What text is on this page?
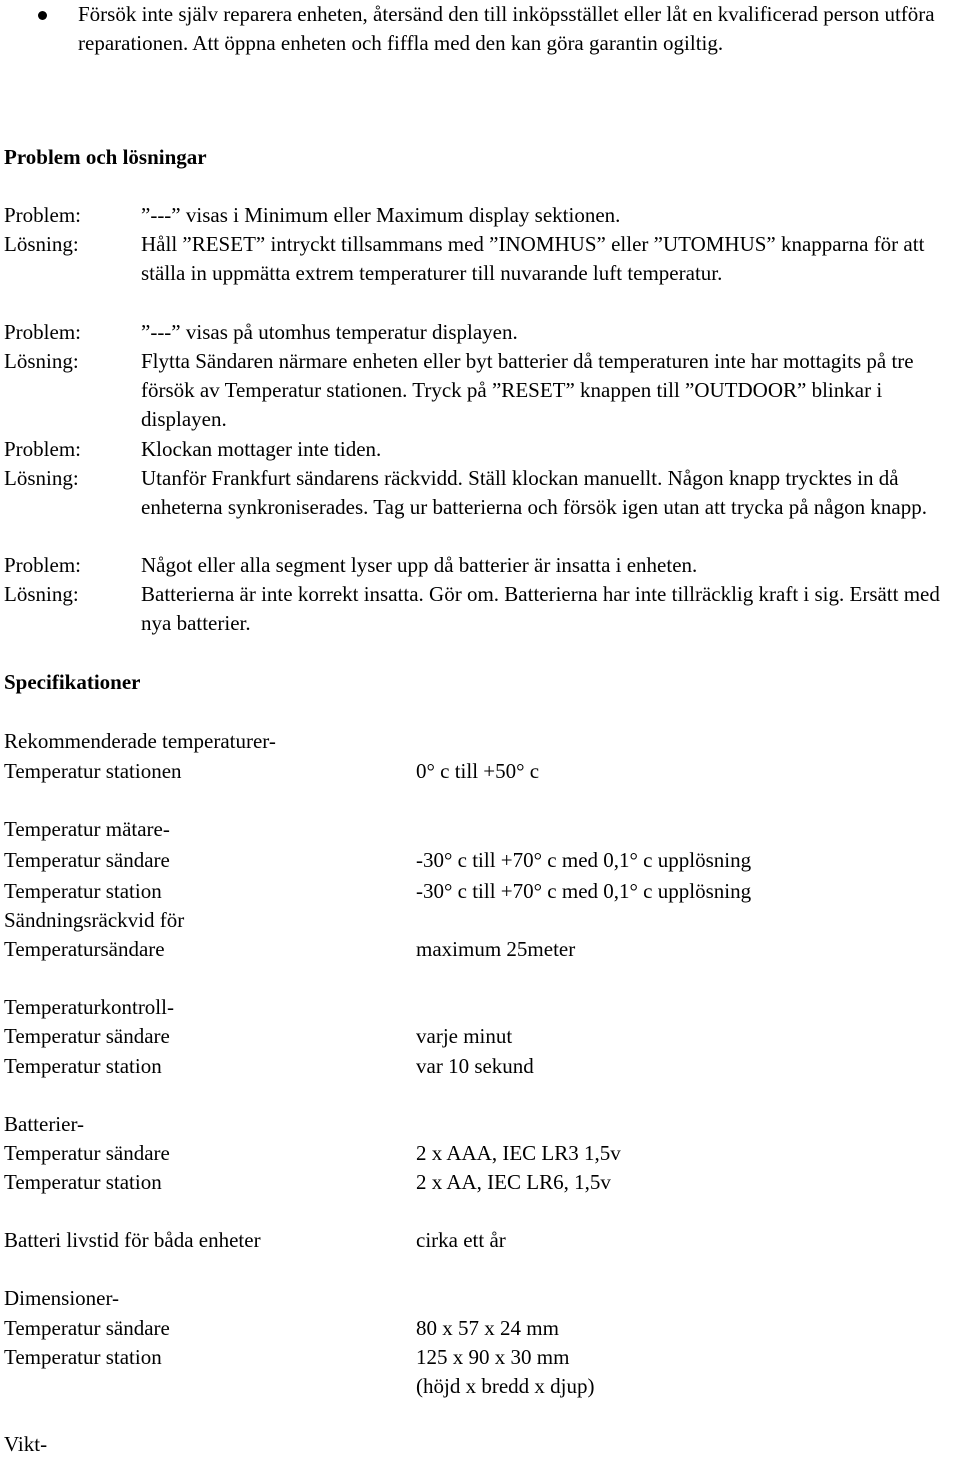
Försök inte själv reparera enheten, återsänd den till inköpsstället eller låt en kvalificerad person utföra reparationen. Att öppna enheten och fiffla med den kan göra garantin ogiltig.
Problem och lösningar
Problem:	”---” visas i Minimum eller Maximum display sektionen.
Lösning:	Håll ”RESET” intryckt tillsammans med ”INOMHUS” eller ”UTOMHUS” knapparna för att ställa in uppmätta extrem temperaturer till nuvarande luft temperatur.
Problem:	”---” visas på utomhus temperatur displayen.
Lösning:	Flytta Sändaren närmare enheten eller byt batterier då temperaturen inte har mottagits på tre försök av Temperatur stationen. Tryck på ”RESET” knappen till ”OUTDOOR” blinkar i displayen.
Problem:	Klockan mottager inte tiden.
Lösning:	Utanför Frankfurt sändarens räckvidd. Ställ klockan manuellt. Någon knapp trycktes in då enheterna synkroniserades. Tag ur batterierna och försök igen utan att trycka på någon knapp.
Problem:	Något eller alla segment lyser upp då batterier är insatta i enheten.
Lösning:	Batterierna är inte korrekt insatta. Gör om. Batterierna har inte tillräcklig kraft i sig. Ersätt med nya batterier.
Specifikationer
Rekommenderade temperaturer-
Temperatur stationen	0° c till +50° c
Temperatur mätare-
Temperatur sändare	-30° c till +70° c med 0,1° c upplösning
Temperatur station	-30° c till +70° c med 0,1° c upplösning
Sändningsräckvid för
Temperatursändare	maximum 25meter
Temperaturkontroll-
Temperatur sändare	varje minut
Temperatur station	var 10 sekund
Batterier-
Temperatur sändare	2 x AAA, IEC LR3 1,5v
Temperatur station	2 x AA, IEC LR6, 1,5v
Batteri livstid för båda enheter	cirka ett år
Dimensioner-
Temperatur sändare	80 x 57 x 24 mm
Temperatur station	125 x 90 x 30 mm
(höjd x bredd x djup)
Vikt-
